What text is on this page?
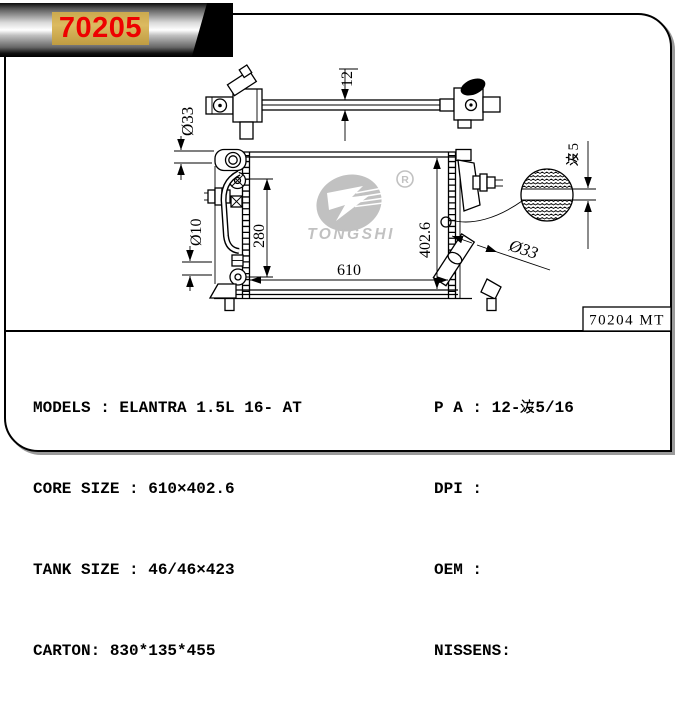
R
TONGSHI
12
Ø33
Ø10	280
610
402.6	Ø33
5
70204 MT
70205

MODELS : ELANTRA 1.5L 16- AT

CORE SIZE : 610×402.6

TANK SIZE : 46/46×423

CARTON: 830*135*455

P A : 12- 5/16

DPI :

OEM :

NISSENS:
